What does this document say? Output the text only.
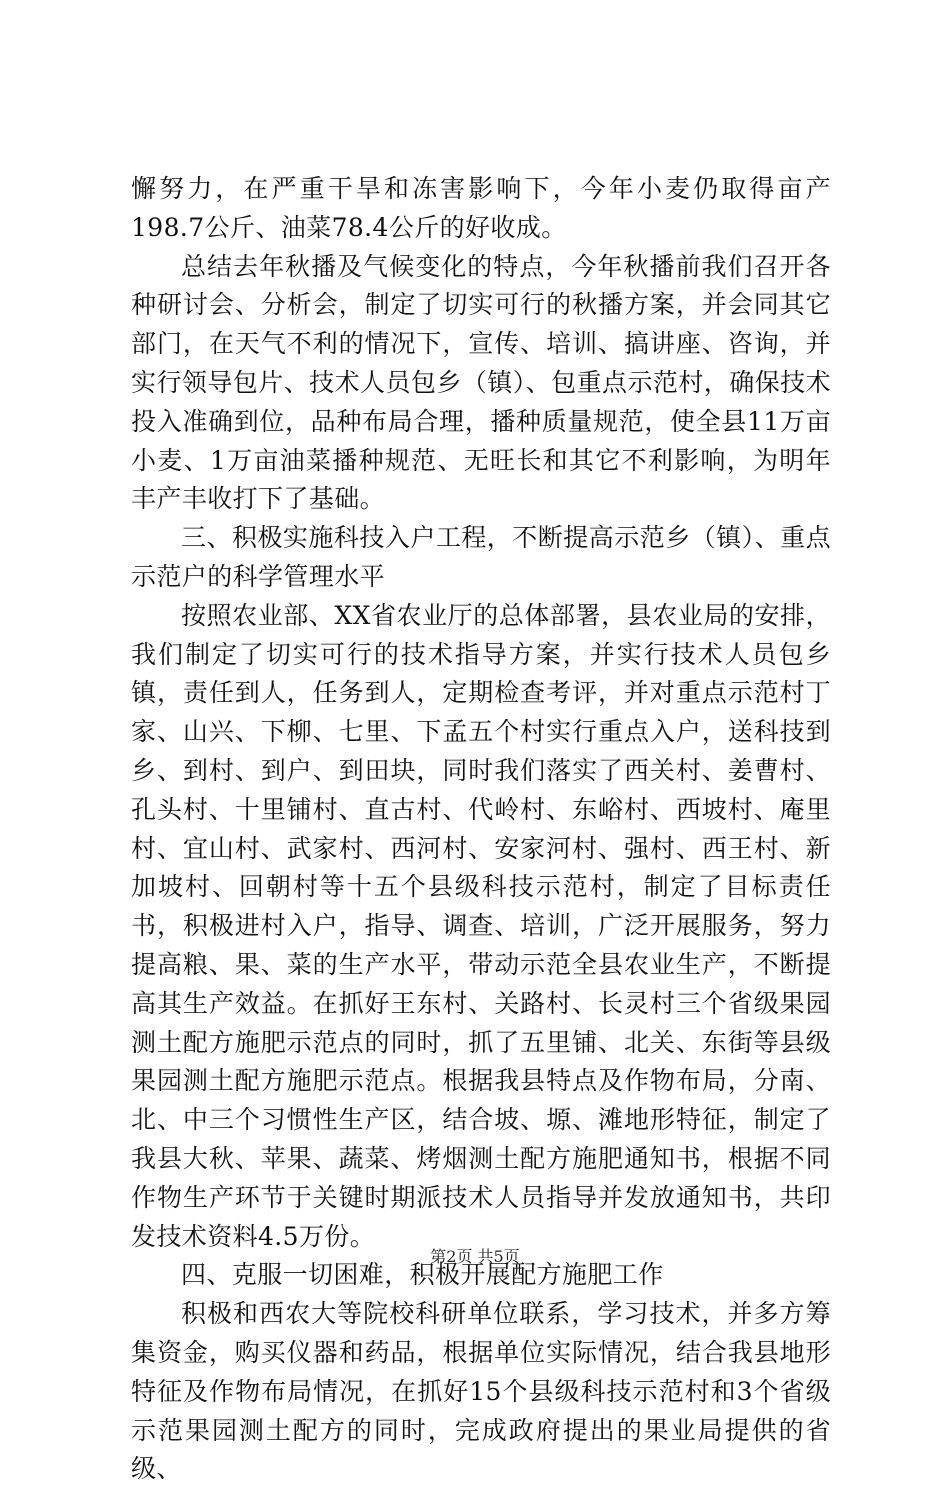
懈努力，在严重干旱和冻害影响下，今年小麦仍取得亩产198.7公斤、油菜78.4公斤的好收成。

总结去年秋播及气候变化的特点，今年秋播前我们召开各种研讨会、分析会，制定了切实可行的秋播方案，并会同其它部门，在天气不利的情况下，宣传、培训、搞讲座、咨询，并实行领导包片、技术人员包乡（镇）、包重点示范村，确保技术投入准确到位，品种布局合理，播种质量规范，使全县11万亩小麦、1万亩油菜播种规范、无旺长和其它不利影响，为明年丰产丰收打下了基础。

三、积极实施科技入户工程，不断提高示范乡（镇）、重点示范户的科学管理水平

按照农业部、XX省农业厅的总体部署，县农业局的安排，我们制定了切实可行的技术指导方案，并实行技术人员包乡镇，责任到人，任务到人，定期检查考评，并对重点示范村丁家、山兴、下柳、七里、下孟五个村实行重点入户，送科技到乡、到村、到户、到田块，同时我们落实了西关村、姜曹村、孔头村、十里铺村、直古村、代岭村、东峪村、西坡村、庵里村、宜山村、武家村、西河村、安家河村、强村、西王村、新加坡村、回朝村等十五个县级科技示范村，制定了目标责任书，积极进村入户，指导、调查、培训，广泛开展服务，努力提高粮、果、菜的生产水平，带动示范全县农业生产，不断提高其生产效益。在抓好王东村、关路村、长灵村三个省级果园测土配方施肥示范点的同时，抓了五里铺、北关、东街等县级果园测土配方施肥示范点。根据我县特点及作物布局，分南、北、中三个习惯性生产区，结合坡、塬、滩地形特征，制定了我县大秋、苹果、蔬菜、烤烟测土配方施肥通知书，根据不同作物生产环节于关键时期派技术人员指导并发放通知书，共印发技术资料4.5万份。

四、克服一切困难，积极开展配方施肥工作

积极和西农大等院校科研单位联系，学习技术，并多方筹集资金，购买仪器和药品，根据单位实际情况，结合我县地形特征及作物布局情况，在抓好15个县级科技示范村和3个省级示范果园测土配方的同时，完成政府提出的果业局提供的省级、

第2页 共5页
